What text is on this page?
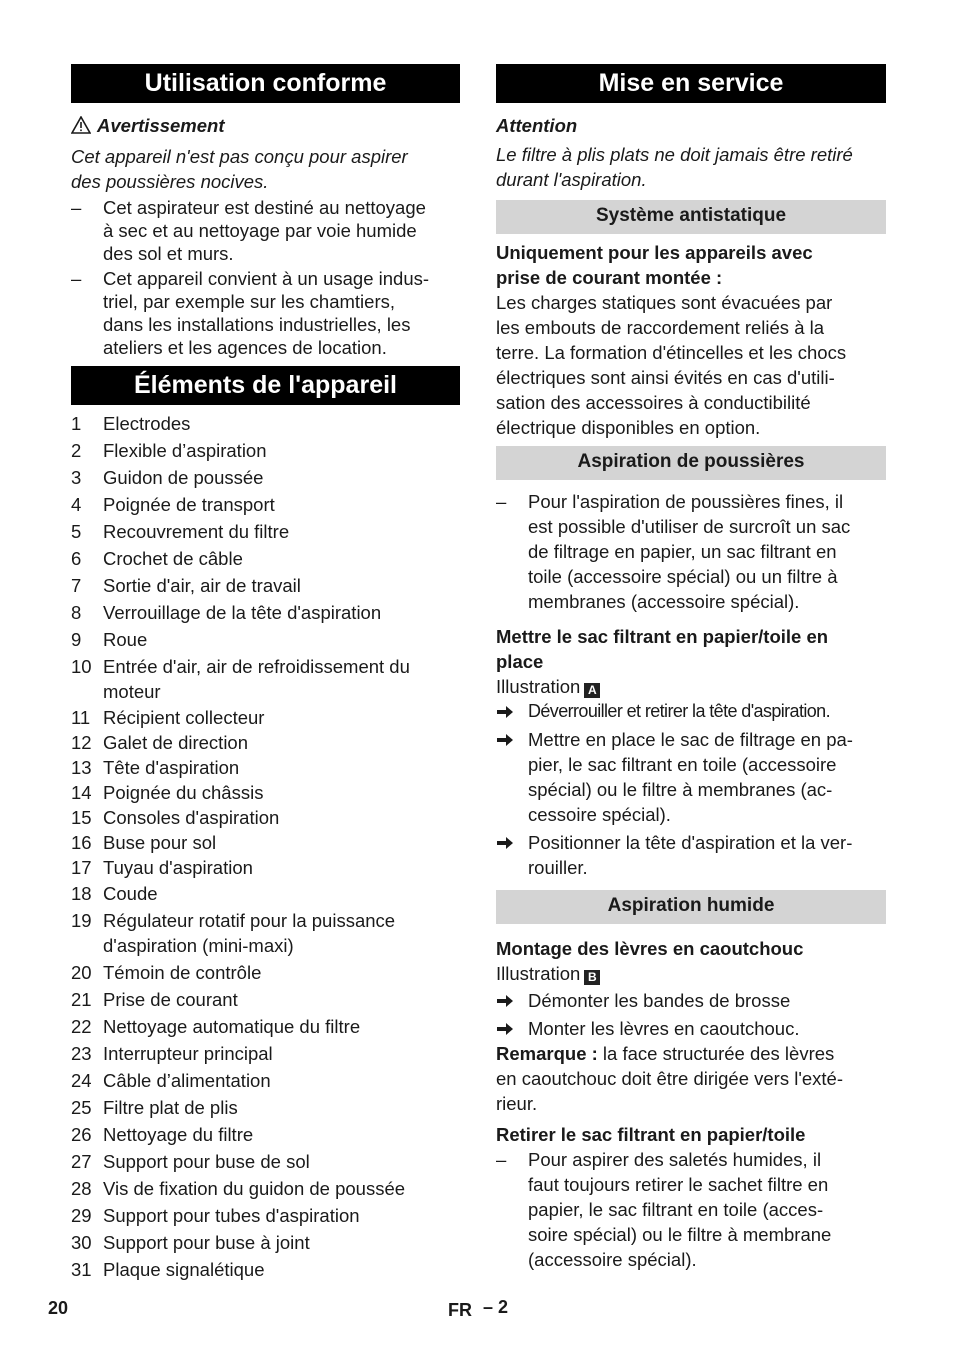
Utilisation conforme
Avertissement
Cet appareil n'est pas conçu pour aspirer
des poussières nocives.
– Cet aspirateur est destiné au nettoyage
à sec et au nettoyage par voie humide
des sol et murs.
– Cet appareil convient à un usage indus-
triel, par exemple sur les chamtiers,
dans les installations industrielles, les
ateliers et les agences de location.
Éléments de l'appareil
1 Electrodes
2 Flexible d’aspiration
3 Guidon de poussée
4 Poignée de transport
5 Recouvrement du filtre
6 Crochet de câble
7 Sortie d'air, air de travail
8 Verrouillage de la tête d'aspiration
9 Roue
10 Entrée d'air, air de refroidissement du
moteur
11 Récipient collecteur
12 Galet de direction
13 Tête d'aspiration
14 Poignée du châssis
15 Consoles d'aspiration
16 Buse pour sol
17 Tuyau d'aspiration
18 Coude
19 Régulateur rotatif pour la puissance
d'aspiration (mini-maxi)
20 Témoin de contrôle
21 Prise de courant
22 Nettoyage automatique du filtre
23 Interrupteur principal
24 Câble d’alimentation
25 Filtre plat de plis
26 Nettoyage du filtre
27 Support pour buse de sol
28 Vis de fixation du guidon de poussée
29 Support pour tubes d'aspiration
30 Support pour buse à joint
31 Plaque signalétique
Mise en service
Attention
Le filtre à plis plats ne doit jamais être retiré
durant l'aspiration.
Système antistatique
Uniquement pour les appareils avec
prise de courant montée :
Les charges statiques sont évacuées par
les embouts de raccordement reliés à la
terre. La formation d'étincelles et les chocs
électriques sont ainsi évités en cas d'utili-
sation des accessoires à conductibilité
électrique disponibles en option.
Aspiration de poussières
– Pour l'aspiration de poussières fines, il
est possible d'utiliser de surcroît un sac
de filtrage en papier, un sac filtrant en
toile (accessoire spécial) ou un filtre à
membranes (accessoire spécial).
Mettre le sac filtrant en papier/toile en
place
Illustration A
Déverrouiller et retirer la tête d'aspiration.
Mettre en place le sac de filtrage en pa-
pier, le sac filtrant en toile (accessoire
spécial) ou le filtre à membranes (ac-
cessoire spécial).
Positionner la tête d'aspiration et la ver-
rouiller.
Aspiration humide
Montage des lèvres en caoutchouc
Illustration B
Démonter les bandes de brosse
Monter les lèvres en caoutchouc.
Remarque : la face structurée des lèvres
en caoutchouc doit être dirigée vers l'exté-
rieur.
Retirer le sac filtrant en papier/toile
– Pour aspirer des saletés humides, il
faut toujours retirer le sachet filtre en
papier, le sac filtrant en toile (acces-
soire spécial) ou le filtre à membrane
(accessoire spécial).
20	FR – 2
